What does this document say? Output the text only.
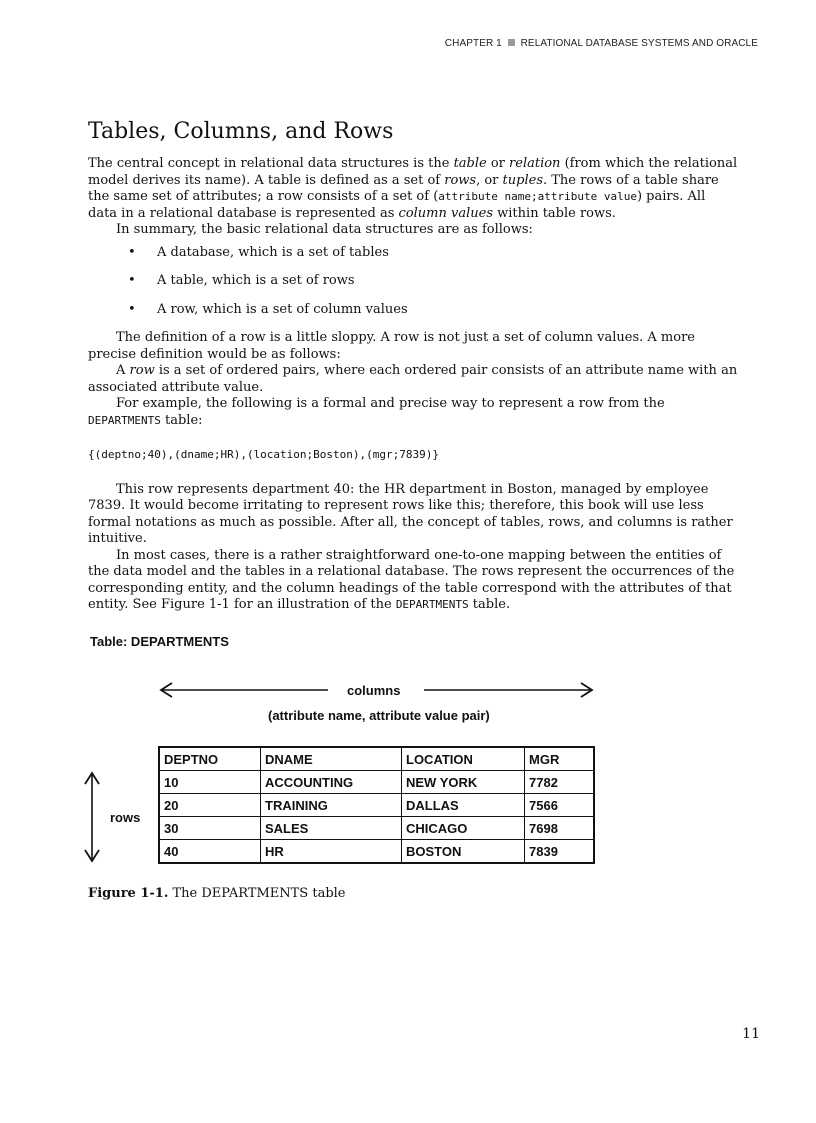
CHAPTER 1 RELATIONAL DATABASE SYSTEMS AND ORACLE
Tables, Columns, and Rows

The central concept in relational data structures is the table or relation (from which the relational model derives its name). A table is defined as a set of rows, or tuples. The rows of a table share the same set of attributes; a row consists of a set of (attribute name;attribute value) pairs. All data in a relational database is represented as column values within table rows.

In summary, the basic relational data structures are as follows:

• A database, which is a set of tables
• A table, which is a set of rows
• A row, which is a set of column values

The definition of a row is a little sloppy. A row is not just a set of column values. A more precise definition would be as follows:

A row is a set of ordered pairs, where each ordered pair consists of an attribute name with an associated attribute value.

For example, the following is a formal and precise way to represent a row from the DEPARTMENTS table:

{(deptno;40),(dname;HR),(location;Boston),(mgr;7839)}

This row represents department 40: the HR department in Boston, managed by employee 7839. It would become irritating to represent rows like this; therefore, this book will use less formal notations as much as possible. After all, the concept of tables, rows, and columns is rather intuitive.

In most cases, there is a rather straightforward one-to-one mapping between the entities of the data model and the tables in a relational database. The rows represent the occurrences of the corresponding entity, and the column headings of the table correspond with the attributes of that entity. See Figure 1-1 for an illustration of the DEPARTMENTS table.

Table: DEPARTMENTS
columns
(attribute name, attribute value pair)
rows
DEPTNO	DNAME	LOCATION	MGR
10	ACCOUNTING	NEW YORK	7782
20	TRAINING	DALLAS	7566
30	SALES	CHICAGO	7698
40	HR	BOSTON	7839
Figure 1-1. The DEPARTMENTS table
11
